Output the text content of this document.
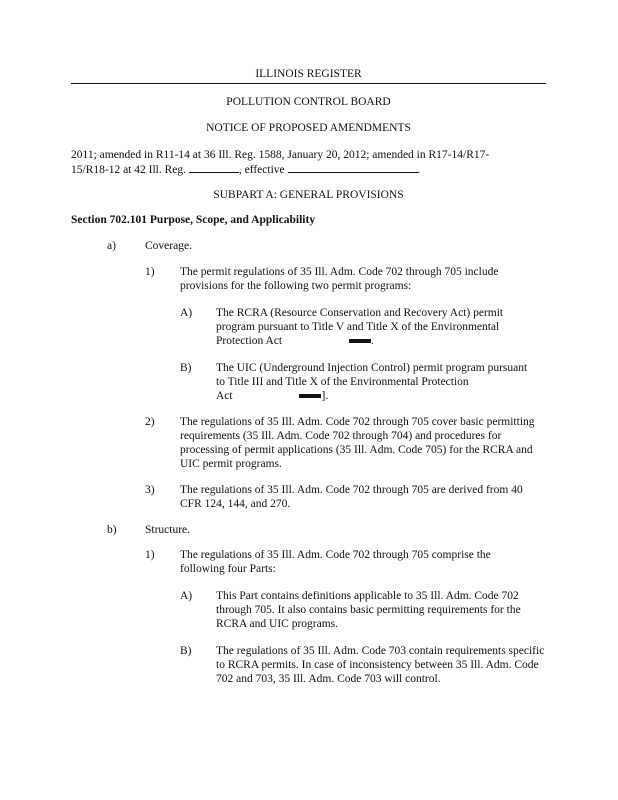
ILLINOIS REGISTER
POLLUTION CONTROL BOARD
NOTICE OF PROPOSED AMENDMENTS
2011; amended in R11-14 at 36 Ill. Reg. 1588, January 20, 2012; amended in R17-14/R17-
15/R18-12 at 42 Ill. Reg.	, effective	.
SUBPART A: GENERAL PROVISIONS
Section 702.101 Purpose, Scope, and Applicability
a)	Coverage.
1) The permit regulations of 35 Ill. Adm. Code 702 through 705 include provisions for the following two permit programs:
A) The RCRA (Resource Conservation and Recovery Act) permit program pursuant to Title V and Title X of the Environmental
Protection Act	.
B) The UIC (Underground Injection Control) permit program pursuant to Title III and Title X of the Environmental Protection
Act	].
2) The regulations of 35 Ill. Adm. Code 702 through 705 cover basic permitting requirements (35 Ill. Adm. Code 702 through 704) and procedures for processing of permit applications (35 Ill. Adm. Code 705) for the RCRA and UIC permit programs.
3) The regulations of 35 Ill. Adm. Code 702 through 705 are derived from 40 CFR 124, 144, and 270.
b) Structure.
1) The regulations of 35 Ill. Adm. Code 702 through 705 comprise the following four Parts:
A) This Part contains definitions applicable to 35 Ill. Adm. Code 702 through 705. It also contains basic permitting requirements for the RCRA and UIC programs.
B) The regulations of 35 Ill. Adm. Code 703 contain requirements specific to RCRA permits. In case of inconsistency between 35 Ill. Adm. Code 702 and 703, 35 Ill. Adm. Code 703 will control.
